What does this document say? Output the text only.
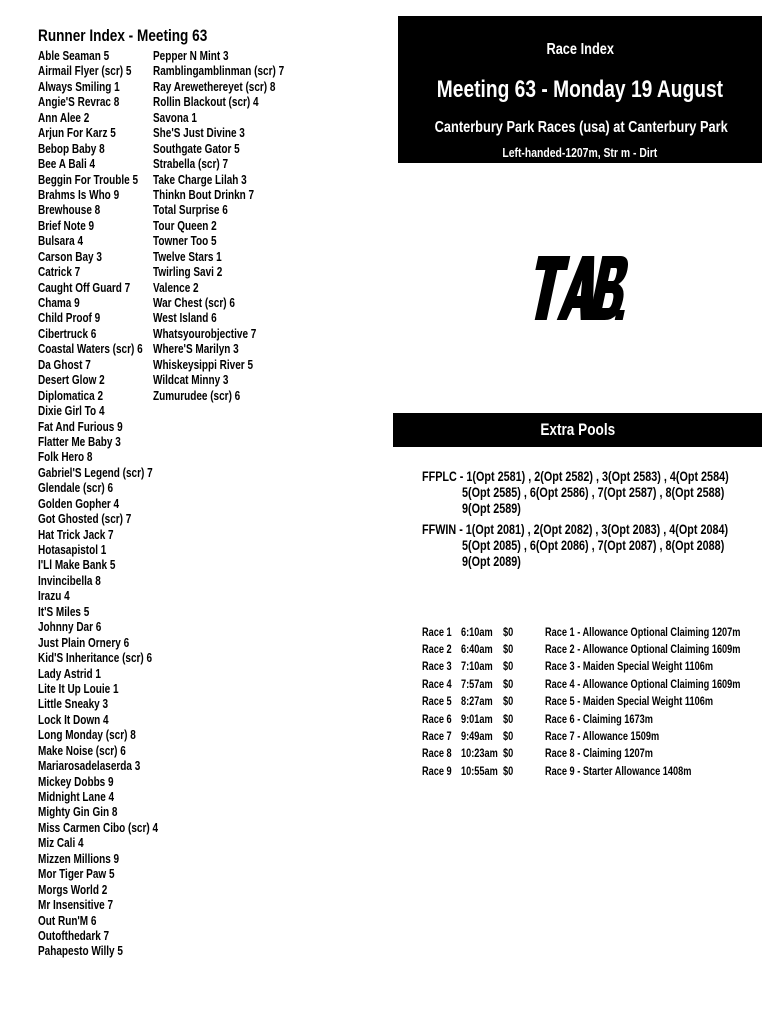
Runner Index - Meeting 63
Able Seaman 5
Airmail Flyer (scr) 5
Always Smiling 1
Angie'S Revrac 8
Ann Alee 2
Arjun For Karz 5
Bebop Baby 8
Bee A Bali 4
Beggin For Trouble 5
Brahms Is Who 9
Brewhouse 8
Brief Note 9
Bulsara 4
Carson Bay 3
Catrick 7
Caught Off Guard 7
Chama 9
Child Proof 9
Cibertruck 6
Coastal Waters (scr) 6
Da Ghost 7
Desert Glow 2
Diplomatica 2
Dixie Girl To 4
Fat And Furious 9
Flatter Me Baby 3
Folk Hero 8
Gabriel'S Legend (scr) 7
Glendale (scr) 6
Golden Gopher 4
Got Ghosted (scr) 7
Hat Trick Jack 7
Hotasapistol 1
I'Ll Make Bank 5
Invincibella 8
Irazu 4
It'S Miles 5
Johnny Dar 6
Just Plain Ornery 6
Kid'S Inheritance (scr) 6
Lady Astrid 1
Lite It Up Louie 1
Little Sneaky 3
Lock It Down 4
Long Monday (scr) 8
Make Noise (scr) 6
Mariarosadelaserda 3
Mickey Dobbs 9
Midnight Lane 4
Mighty Gin Gin 8
Miss Carmen Cibo (scr) 4
Miz Cali 4
Mizzen Millions 9
Mor Tiger Paw 5
Morgs World 2
Mr Insensitive 7
Out Run'M 6
Outofthedark 7
Pahapesto Willy 5
Pepper N Mint 3
Ramblingamblinman (scr) 7
Ray Arewethereyet (scr) 8
Rollin Blackout (scr) 4
Savona 1
She'S Just Divine 3
Southgate Gator 5
Strabella (scr) 7
Take Charge Lilah 3
Thinkn Bout Drinkn 7
Total Surprise 6
Tour Queen 2
Towner Too 5
Twelve Stars 1
Twirling Savi 2
Valence 2
War Chest (scr) 6
West Island 6
Whatsyourobjective 7
Where'S Marilyn 3
Whiskeysippi River 5
Wildcat Minny 3
Zumurudee (scr) 6
Race Index
Meeting 63 - Monday 19 August
Canterbury Park Races (usa) at Canterbury Park
Left-handed-1207m, Str m - Dirt
Extra Pools
FFPLC - 1(Opt 2581) , 2(Opt 2582) , 3(Opt 2583) , 4(Opt 2584)
5(Opt 2585) , 6(Opt 2586) , 7(Opt 2587) , 8(Opt 2588)
9(Opt 2589)
FFWIN - 1(Opt 2081) , 2(Opt 2082) , 3(Opt 2083) , 4(Opt 2084)
5(Opt 2085) , 6(Opt 2086) , 7(Opt 2087) , 8(Opt 2088)
9(Opt 2089)
Race 1 6:10am $0	Race 1 - Allowance Optional Claiming 1207m
Race 2 6:40am $0	Race 2 - Allowance Optional Claiming 1609m
Race 3 7:10am $0	Race 3 - Maiden Special Weight 1106m
Race 4 7:57am $0	Race 4 - Allowance Optional Claiming 1609m
Race 5 8:27am $0	Race 5 - Maiden Special Weight 1106m
Race 6 9:01am $0	Race 6 - Claiming 1673m
Race 7 9:49am $0	Race 7 - Allowance 1509m
Race 8 10:23am $0	Race 8 - Claiming 1207m
Race 9 10:55am $0	Race 9 - Starter Allowance 1408m
